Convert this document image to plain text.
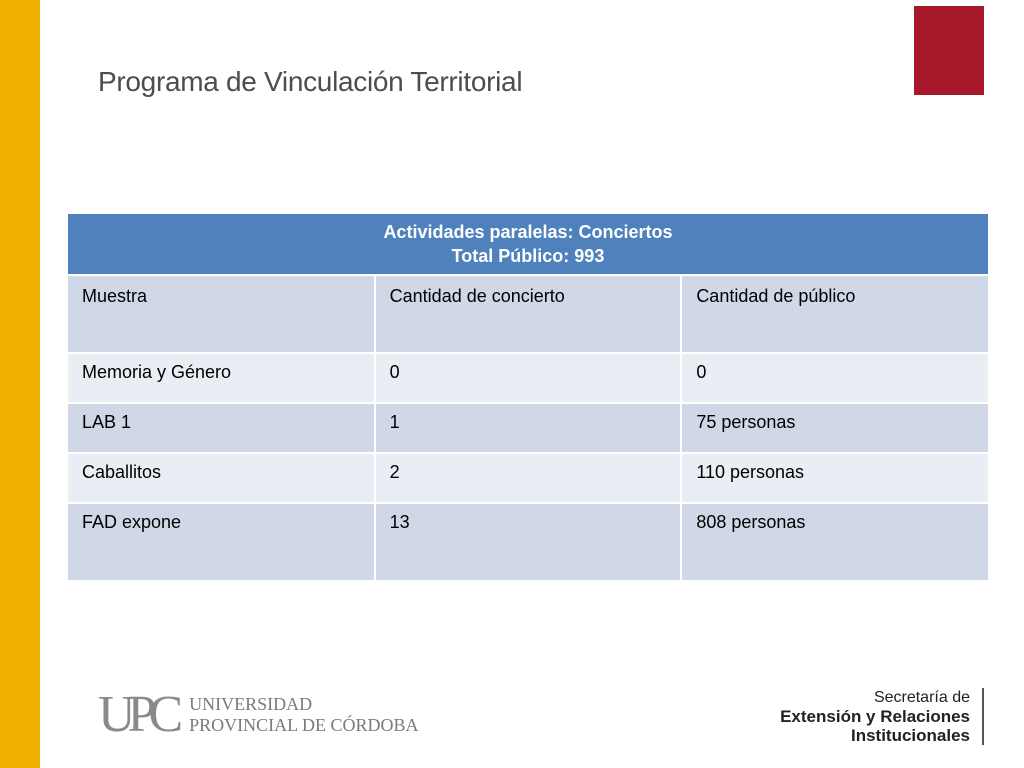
Programa de Vinculación Territorial
Actividades paralelas: Conciertos
Total Público: 993		

Muestra	Cantidad de concierto	Cantidad de público
Memoria y Género	0	0
LAB 1	1	75 personas
Caballitos	2	110 personas
FAD expone	13	808 personas
UPC UNIVERSIDAD
PROVINCIAL DE CÓRDOBA
Secretaría de
Extensión y Relaciones
Institucionales
